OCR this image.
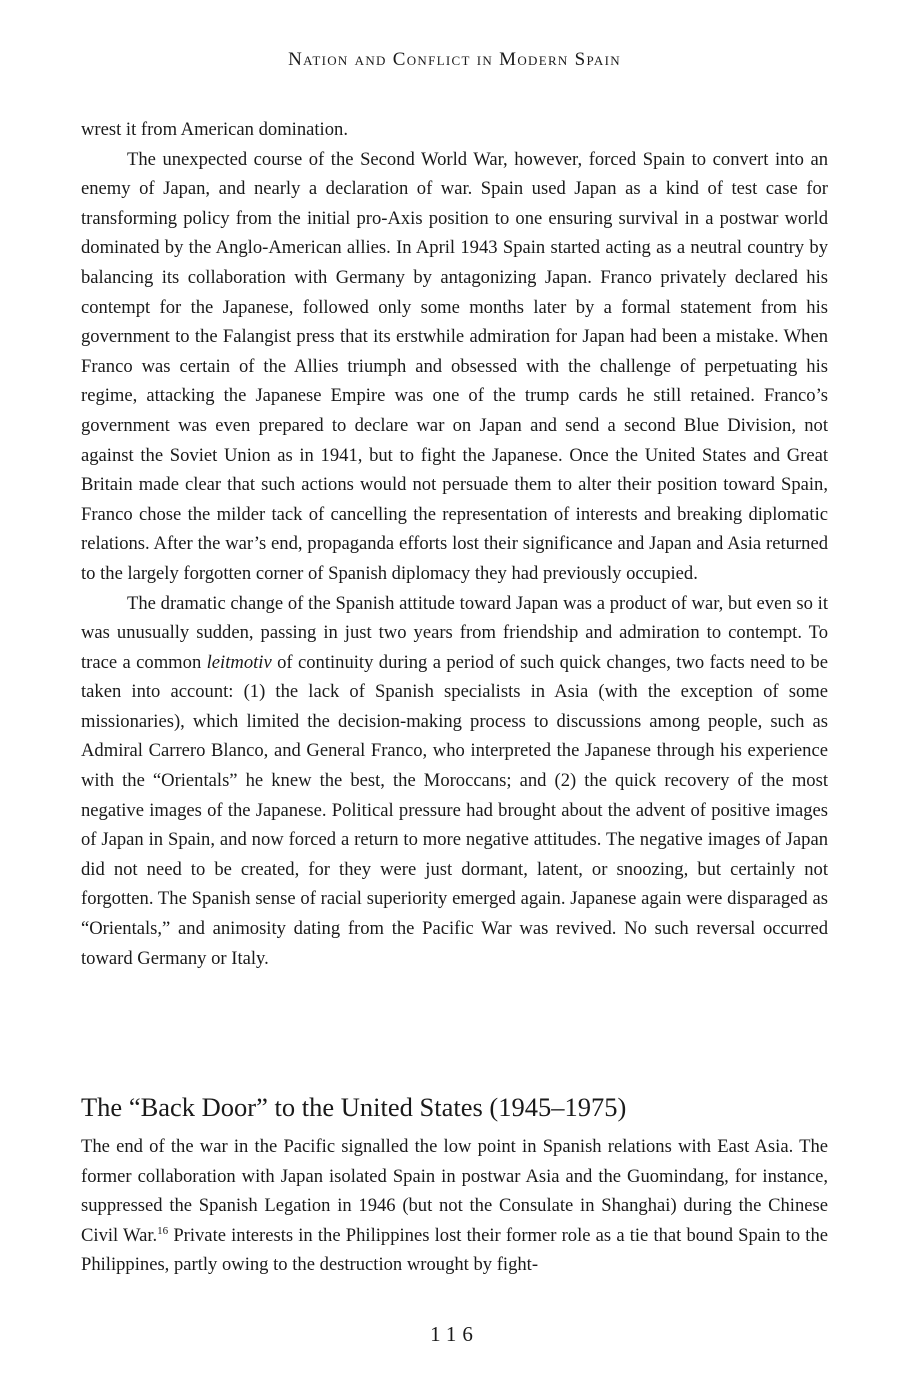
Nation and Conflict in Modern Spain

wrest it from American domination.

The unexpected course of the Second World War, however, forced Spain to convert into an enemy of Japan, and nearly a declaration of war. Spain used Japan as a kind of test case for transforming policy from the initial pro-Axis position to one ensuring survival in a postwar world dominated by the Anglo-American allies. In April 1943 Spain started acting as a neutral country by balancing its collaboration with Germany by antagonizing Japan. Franco privately declared his contempt for the Japanese, followed only some months later by a formal statement from his government to the Falangist press that its erstwhile admiration for Japan had been a mistake. When Franco was certain of the Allies triumph and obsessed with the challenge of perpetuating his regime, attacking the Japanese Empire was one of the trump cards he still retained. Franco’s government was even prepared to declare war on Japan and send a second Blue Division, not against the Soviet Union as in 1941, but to fight the Japanese. Once the United States and Great Britain made clear that such actions would not persuade them to alter their position toward Spain, Franco chose the milder tack of cancelling the representation of interests and breaking diplomatic relations. After the war’s end, propaganda efforts lost their significance and Japan and Asia returned to the largely forgotten corner of Spanish diplomacy they had previously occupied.

The dramatic change of the Spanish attitude toward Japan was a product of war, but even so it was unusually sudden, passing in just two years from friendship and admiration to contempt. To trace a common leitmotiv of continuity during a period of such quick changes, two facts need to be taken into account: (1) the lack of Spanish specialists in Asia (with the exception of some missionaries), which limited the decision-making process to discussions among people, such as Admiral Carrero Blanco, and General Franco, who interpreted the Japanese through his experience with the “Orientals” he knew the best, the Moroccans; and (2) the quick recovery of the most negative images of the Japanese. Political pressure had brought about the advent of positive images of Japan in Spain, and now forced a return to more negative attitudes. The negative images of Japan did not need to be created, for they were just dormant, latent, or snoozing, but certainly not forgotten. The Spanish sense of racial superiority emerged again. Japanese again were disparaged as “Orientals,” and animosity dating from the Pacific War was revived. No such reversal occurred toward Germany or Italy.

The “Back Door” to the United States (1945–1975)

The end of the war in the Pacific signalled the low point in Spanish relations with East Asia. The former collaboration with Japan isolated Spain in postwar Asia and the Guomindang, for instance, suppressed the Spanish Legation in 1946 (but not the Consulate in Shanghai) during the Chinese Civil War.$^{16}$ Private interests in the Philippines lost their former role as a tie that bound Spain to the Philippines, partly owing to the destruction wrought by fight-

116
